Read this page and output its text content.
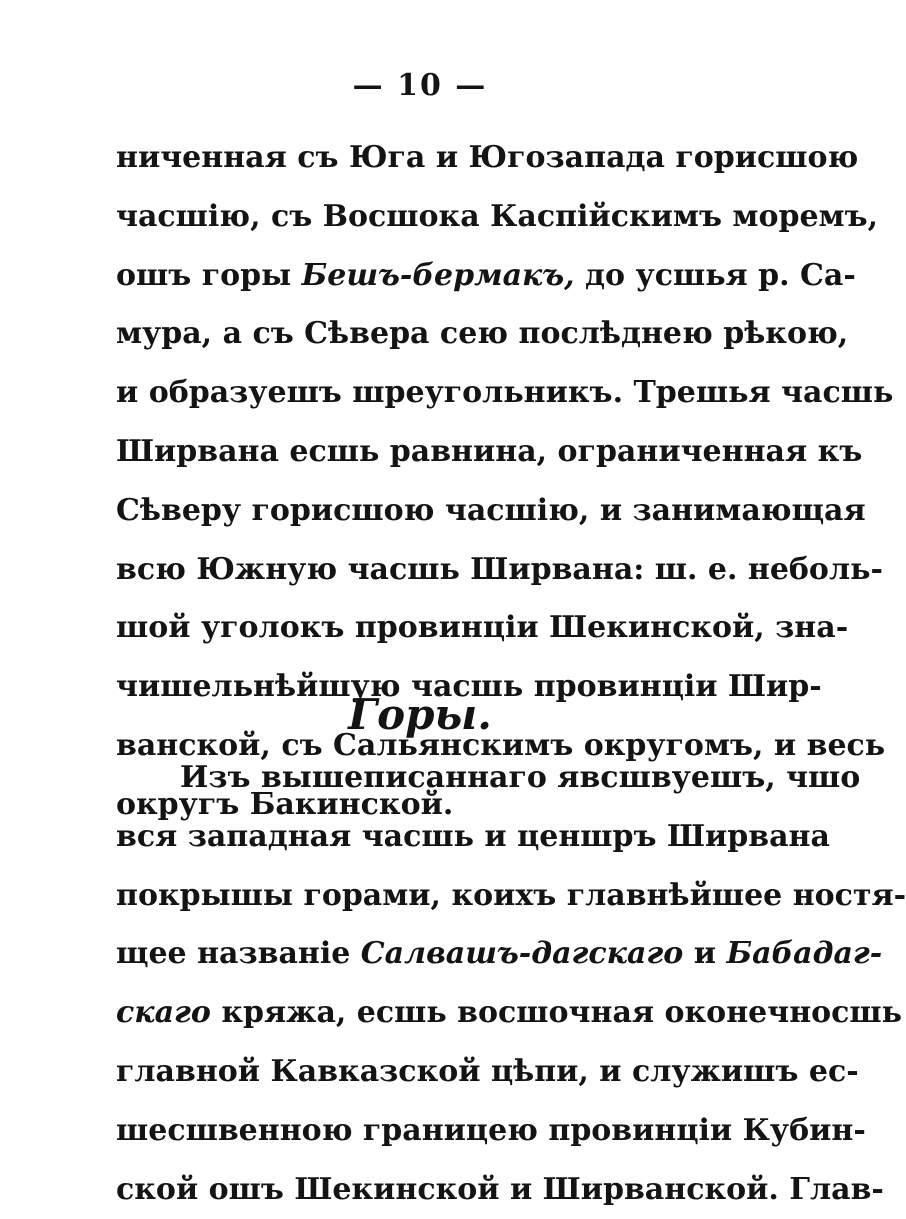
— 10 —
ниченная съ Юга и Югозапада горисшою
часшію, съ Восшока Каспійскимъ моремъ,
ошъ горы Бешъ-бермакъ, до усшья р. Са-
мура, а съ Сѣвера сею послѣднею рѣкою,
и образуешъ шреугольникъ. Трешья часшь
Ширвана есшь равнина, ограниченная къ
Сѣверу горисшою часшію, и занимающая
всю Южную часшь Ширвана: ш. е. неболь-
шой уголокъ провинціи Шекинской, зна-
чишельнѣйшую часшь провинціи Шир-
ванской, съ Сальянскимъ округомъ, и весь
округъ Бакинской.
Горы.
Изъ вышеписаннаго явсшвуешъ, чшо
вся западная часшь и ценшръ Ширвана
покрышы горами, коихъ главнѣйшее ностя-
щее названіе Салвашъ-дагскаго и Бабадаг-
скаго кряжа, есшь восшочная оконечносшь
главной Кавказской цѣпи, и служишъ ес-
шесшвенною границею провинціи Кубин-
ской ошъ Шекинской и Ширванской. Глав-
